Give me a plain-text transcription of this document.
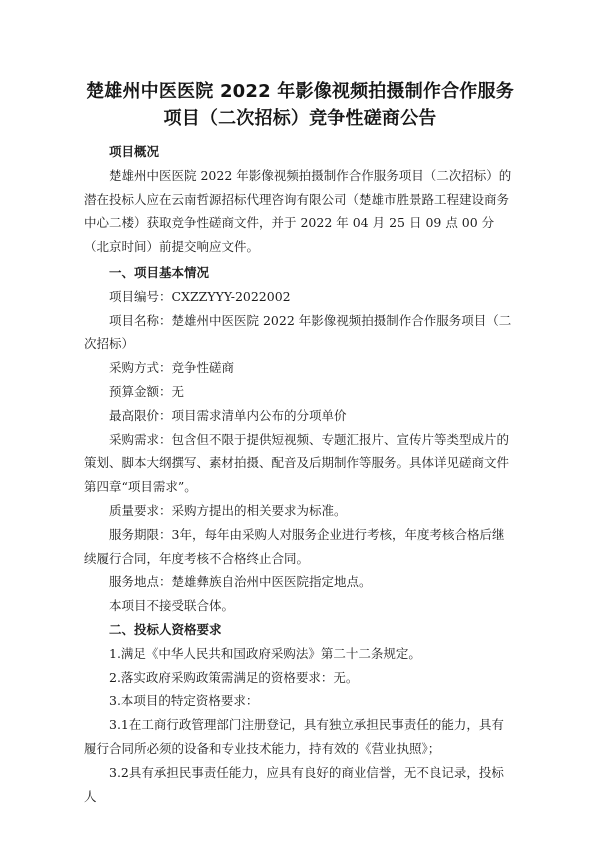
楚雄州中医医院 2022 年影像视频拍摄制作合作服务
项目（二次招标）竞争性磋商公告

项目概况

楚雄州中医医院 2022 年影像视频拍摄制作合作服务项目（二次招标）的潜在投标人应在云南哲源招标代理咨询有限公司（楚雄市胜景路工程建设商务中心二楼）获取竞争性磋商文件，并于 2022 年 04 月 25 日 09 点 00 分（北京时间）前提交响应文件。

一、项目基本情况

项目编号：CXZZYYY-2022002

项目名称：楚雄州中医医院 2022 年影像视频拍摄制作合作服务项目（二次招标）

采购方式：竞争性磋商

预算金额：无

最高限价：项目需求清单内公布的分项单价

采购需求：包含但不限于提供短视频、专题汇报片、宣传片等类型成片的策划、脚本大纲撰写、素材拍摄、配音及后期制作等服务。具体详见磋商文件第四章“项目需求”。

质量要求：采购方提出的相关要求为标准。

服务期限：3年，每年由采购人对服务企业进行考核，年度考核合格后继续履行合同，年度考核不合格终止合同。

服务地点：楚雄彝族自治州中医医院指定地点。

本项目不接受联合体。

二、投标人资格要求

1.满足《中华人民共和国政府采购法》第二十二条规定。

2.落实政府采购政策需满足的资格要求：无。

3.本项目的特定资格要求：

3.1在工商行政管理部门注册登记，具有独立承担民事责任的能力，具有履行合同所必须的设备和专业技术能力，持有效的《营业执照》；

3.2具有承担民事责任能力，应具有良好的商业信誉，无不良记录，投标人
